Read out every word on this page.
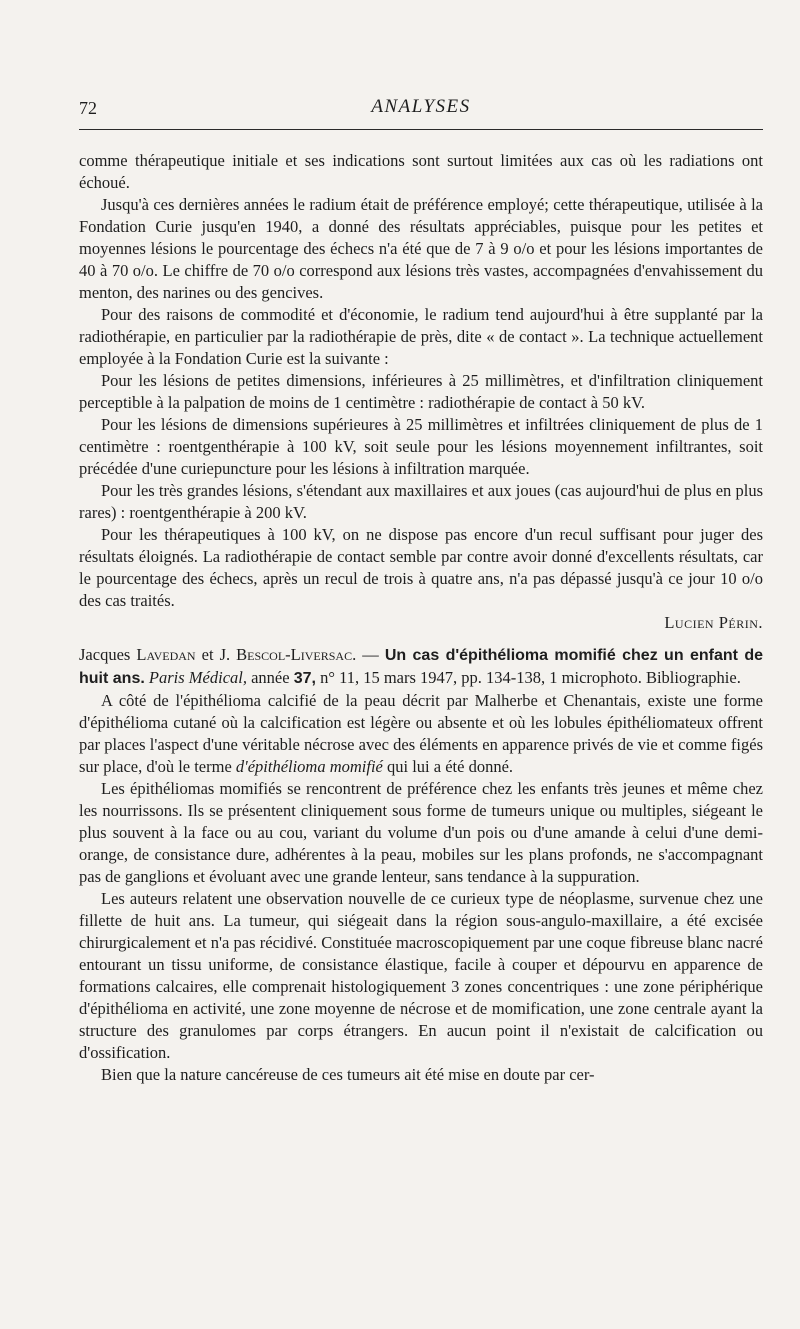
72	ANALYSES

comme thérapeutique initiale et ses indications sont surtout limitées aux cas où les radiations ont échoué.

Jusqu'à ces dernières années le radium était de préférence employé; cette thérapeutique, utilisée à la Fondation Curie jusqu'en 1940, a donné des résultats appréciables, puisque pour les petites et moyennes lésions le pourcentage des échecs n'a été que de 7 à 9 o/o et pour les lésions importantes de 40 à 70 o/o. Le chiffre de 70 o/o correspond aux lésions très vastes, accompagnées d'envahissement du menton, des narines ou des gencives.

Pour des raisons de commodité et d'économie, le radium tend aujourd'hui à être supplanté par la radiothérapie, en particulier par la radiothérapie de près, dite « de contact ». La technique actuellement employée à la Fondation Curie est la suivante :

Pour les lésions de petites dimensions, inférieures à 25 millimètres, et d'infiltration cliniquement perceptible à la palpation de moins de 1 centimètre : radiothérapie de contact à 50 kV.

Pour les lésions de dimensions supérieures à 25 millimètres et infiltrées cliniquement de plus de 1 centimètre : roentgenthérapie à 100 kV, soit seule pour les lésions moyennement infiltrantes, soit précédée d'une curiepuncture pour les lésions à infiltration marquée.

Pour les très grandes lésions, s'étendant aux maxillaires et aux joues (cas aujourd'hui de plus en plus rares) : roentgenthérapie à 200 kV.

Pour les thérapeutiques à 100 kV, on ne dispose pas encore d'un recul suffisant pour juger des résultats éloignés. La radiothérapie de contact semble par contre avoir donné d'excellents résultats, car le pourcentage des échecs, après un recul de trois à quatre ans, n'a pas dépassé jusqu'à ce jour 10 o/o des cas traités.

Lucien Périn.

Jacques Lavedan et J. Bescol-Liversac. — Un cas d'épithélioma momifié chez un enfant de huit ans. Paris Médical, année 37, n° 11, 15 mars 1947, pp. 134-138, 1 microphoto. Bibliographie.

A côté de l'épithélioma calcifié de la peau décrit par Malherbe et Chenantais, existe une forme d'épithélioma cutané où la calcification est légère ou absente et où les lobules épithéliomateux offrent par places l'aspect d'une véritable nécrose avec des éléments en apparence privés de vie et comme figés sur place, d'où le terme d'épithélioma momifié qui lui a été donné.

Les épithéliomas momifiés se rencontrent de préférence chez les enfants très jeunes et même chez les nourrissons. Ils se présentent cliniquement sous forme de tumeurs unique ou multiples, siégeant le plus souvent à la face ou au cou, variant du volume d'un pois ou d'une amande à celui d'une demi-orange, de consistance dure, adhérentes à la peau, mobiles sur les plans profonds, ne s'accompagnant pas de ganglions et évoluant avec une grande lenteur, sans tendance à la suppuration.

Les auteurs relatent une observation nouvelle de ce curieux type de néoplasme, survenue chez une fillette de huit ans. La tumeur, qui siégeait dans la région sous-angulo-maxillaire, a été excisée chirurgicalement et n'a pas récidivé. Constituée macroscopiquement par une coque fibreuse blanc nacré entourant un tissu uniforme, de consistance élastique, facile à couper et dépourvu en apparence de formations calcaires, elle comprenait histologiquement 3 zones concentriques : une zone périphérique d'épithélioma en activité, une zone moyenne de nécrose et de momification, une zone centrale ayant la structure des granulomes par corps étrangers. En aucun point il n'existait de calcification ou d'ossification.

Bien que la nature cancéreuse de ces tumeurs ait été mise en doute par cer-
